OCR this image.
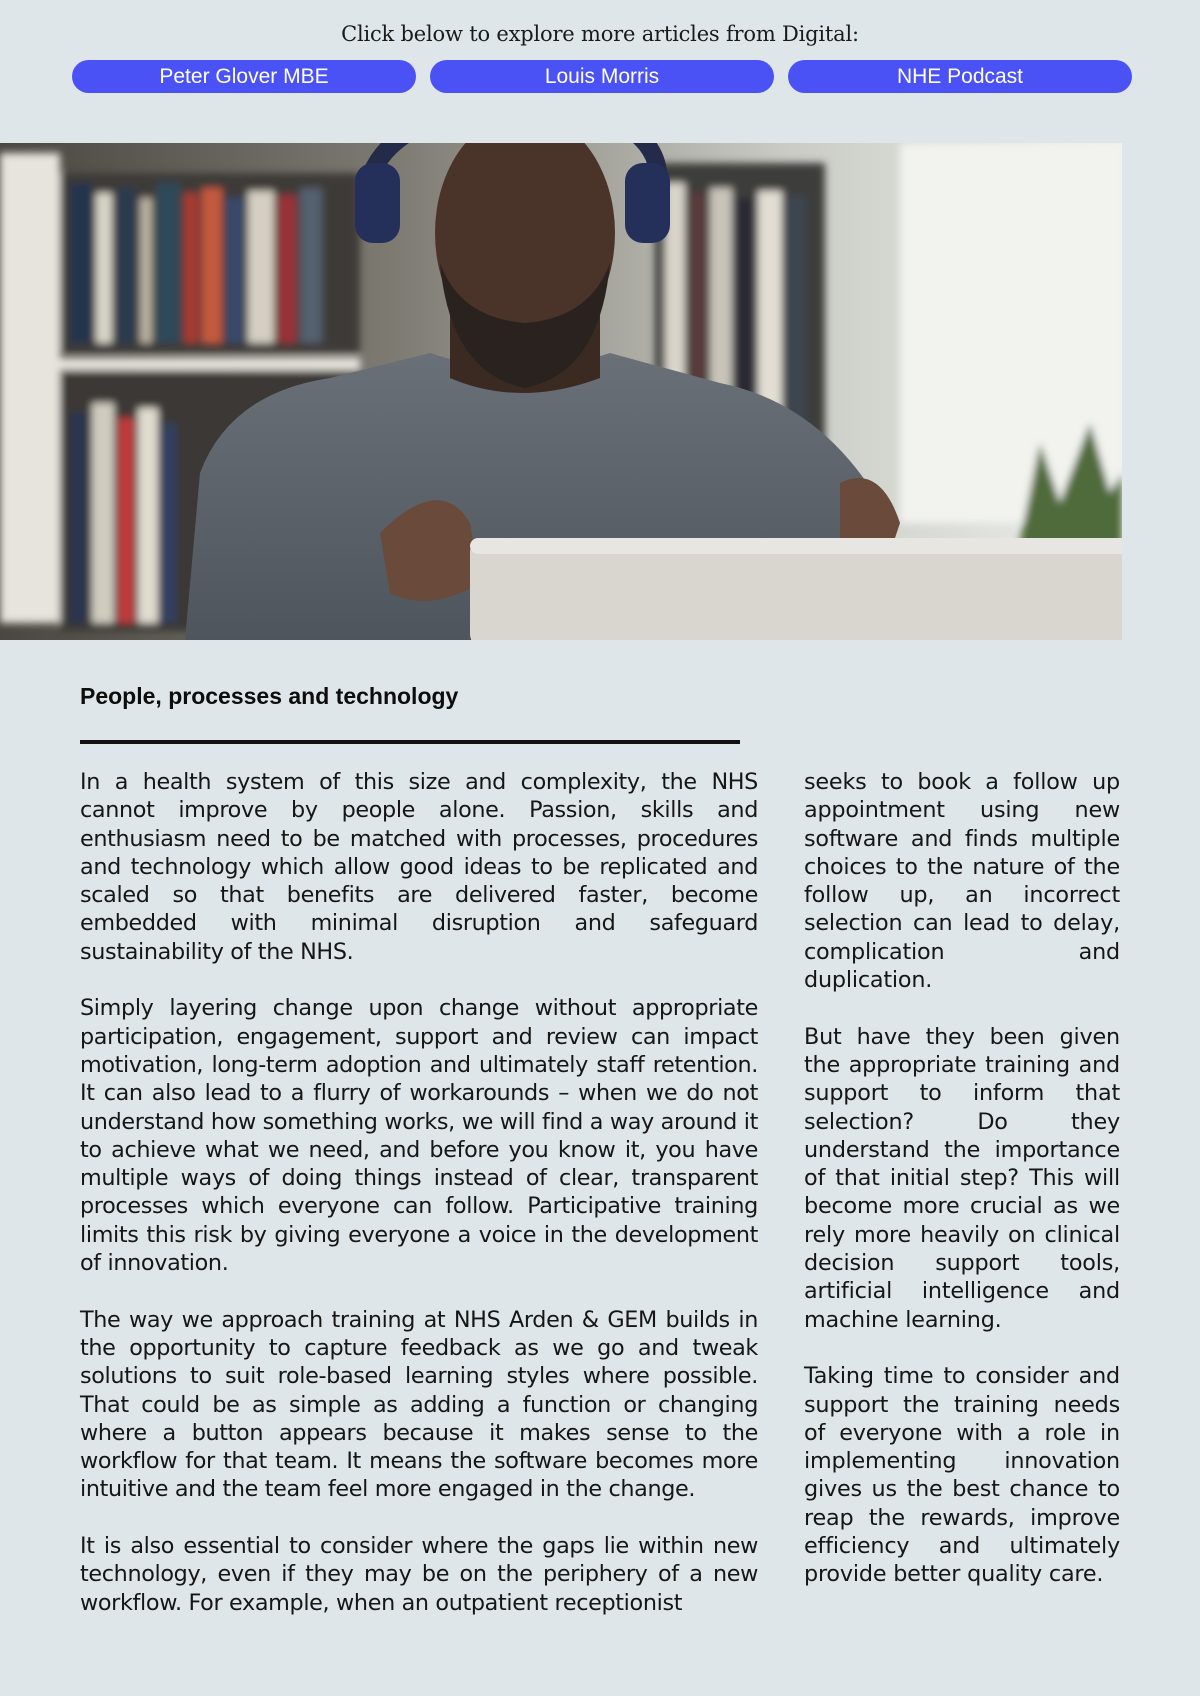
Click below to explore more articles from Digital:
Peter Glover MBE	Louis Morris	NHE Podcast
People, processes and technology

In a health system of this size and complexity, the NHS cannot improve by people alone. Passion, skills and enthusiasm need to be matched with processes, procedures and technology which allow good ideas to be replicated and scaled so that benefits are delivered faster, become embedded with minimal disruption and safeguard sustainability of the NHS.

Simply layering change upon change without appropriate participation, engagement, support and review can impact motivation, long-term adoption and ultimately staff retention. It can also lead to a flurry of workarounds – when we do not understand how something works, we will find a way around it to achieve what we need, and before you know it, you have multiple ways of doing things instead of clear, transparent processes which everyone can follow. Participative training limits this risk by giving everyone a voice in the development of innovation.

The way we approach training at NHS Arden & GEM builds in the opportunity to capture feedback as we go and tweak solutions to suit role-based learning styles where possible. That could be as simple as adding a function or changing where a button appears because it makes sense to the workflow for that team. It means the software becomes more intuitive and the team feel more engaged in the change.

It is also essential to consider where the gaps lie within new technology, even if they may be on the periphery of a new workflow. For example, when an outpatient receptionist

seeks to book a follow up appointment using new software and finds multiple choices to the nature of the follow up, an incorrect selection can lead to delay, complication and duplication.

But have they been given the appropriate training and support to inform that selection? Do they understand the importance of that initial step? This will become more crucial as we rely more heavily on clinical decision support tools, artificial intelligence and machine learning.

Taking time to consider and support the training needs of everyone with a role in implementing innovation gives us the best chance to reap the rewards, improve efficiency and ultimately provide better quality care.
